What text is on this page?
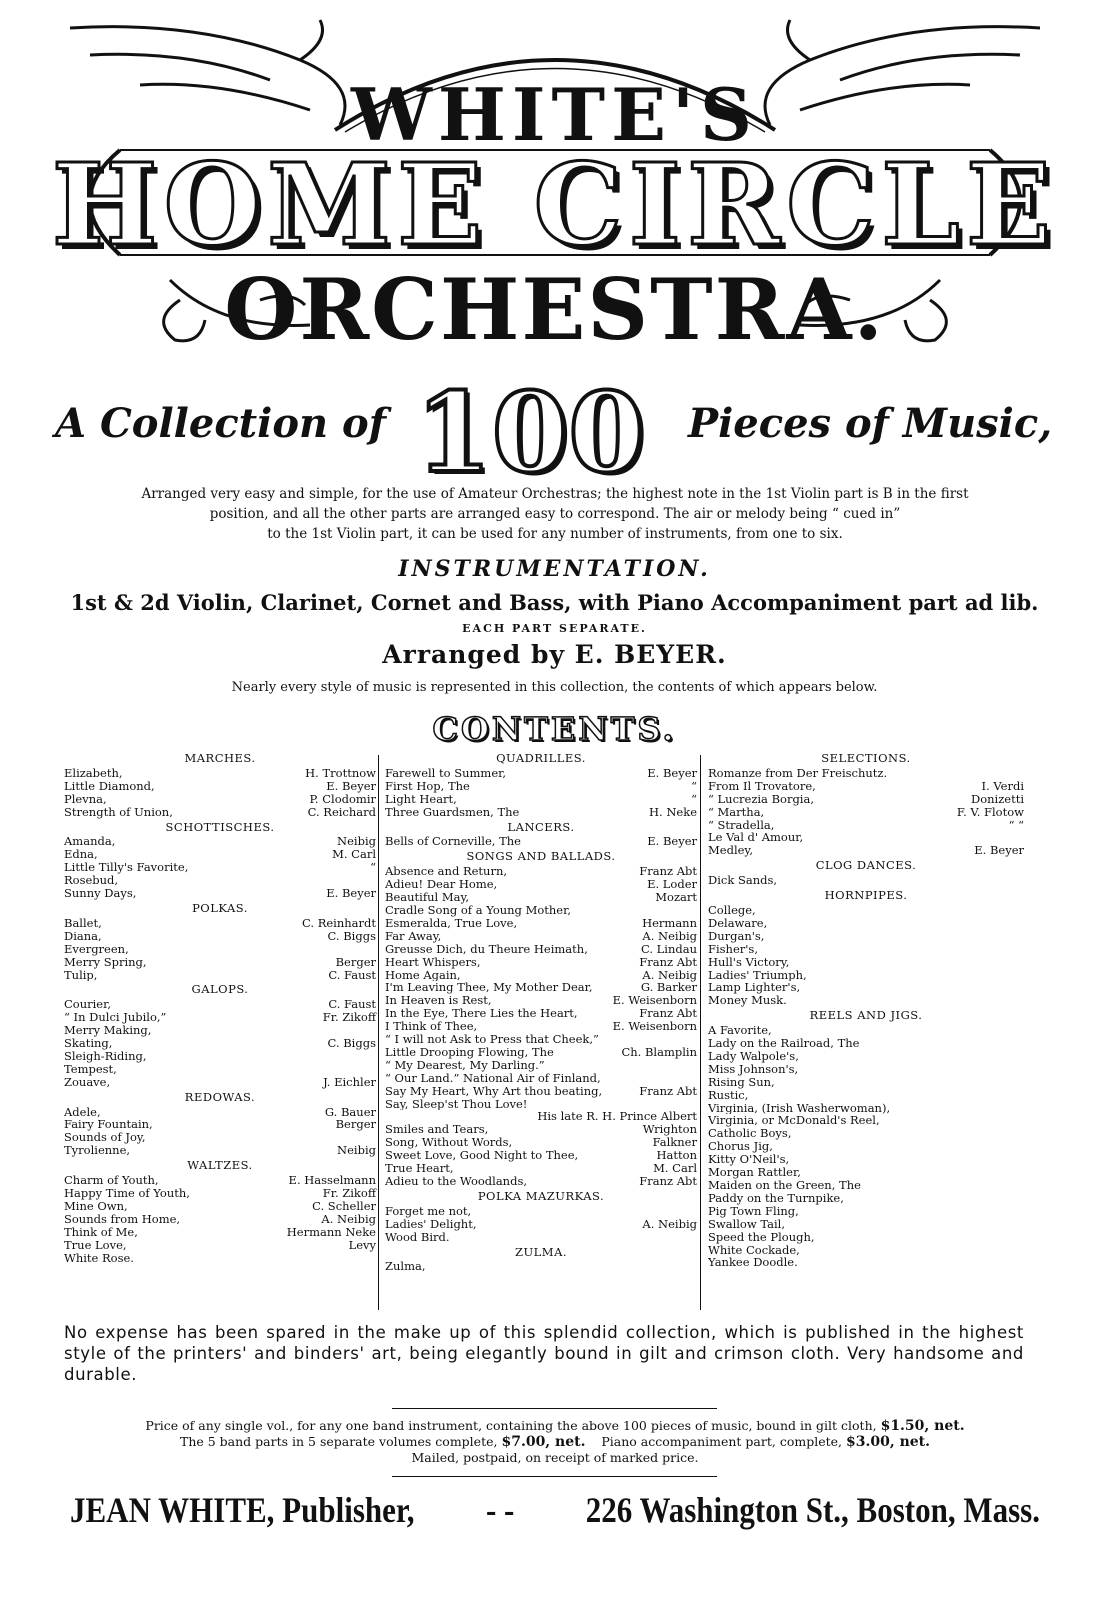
WHITE'S
HOME CIRCLE
ORCHESTRA.
A Collection of 100 Pieces of Music,
Arranged very easy and simple, for the use of Amateur Orchestras; the highest note in the 1st Violin part is B in the first
position, and all the other parts are arranged easy to correspond. The air or melody being “ cued in”
to the 1st Violin part, it can be used for any number of instruments, from one to six.
INSTRUMENTATION.
1st & 2d Violin, Clarinet, Cornet and Bass, with Piano Accompaniment part ad lib.
EACH PART SEPARATE.
Arranged by E. BEYER.
Nearly every style of music is represented in this collection, the contents of which appears below.
CONTENTS.
MARCHES.
Elizabeth,	H. Trottnow
Little Diamond,	E. Beyer
Plevna,	P. Clodomir
Strength of Union,	C. Reichard
SCHOTTISCHES.
Amanda,	Neibig
Edna,	M. Carl
Little Tilly's Favorite,	“
Rosebud,
Sunny Days,	E. Beyer
POLKAS.
Ballet,	C. Reinhardt
Diana,	C. Biggs
Evergreen,
Merry Spring,	Berger
Tulip,	C. Faust
GALOPS.
Courier,	C. Faust
“ In Dulci Jubilo,”	Fr. Zikoff
Merry Making,
Skating,	C. Biggs
Sleigh-Riding,
Tempest,
Zouave,	J. Eichler
REDOWAS.
Adele,	G. Bauer
Fairy Fountain,	Berger
Sounds of Joy,
Tyrolienne,	Neibig
WALTZES.
Charm of Youth,	E. Hasselmann
Happy Time of Youth,	Fr. Zikoff
Mine Own,	C. Scheller
Sounds from Home,	A. Neibig
Think of Me,	Hermann Neke
True Love,	Levy
White Rose.
QUADRILLES.
Farewell to Summer,	E. Beyer
First Hop, The	“
Light Heart,	“
Three Guardsmen, The	H. Neke
LANCERS.
Bells of Corneville, The	E. Beyer
SONGS AND BALLADS.
Absence and Return,	Franz Abt
Adieu! Dear Home,	E. Loder
Beautiful May,	Mozart
Cradle Song of a Young Mother,
Esmeralda, True Love,	Hermann
Far Away,	A. Neibig
Greusse Dich, du Theure Heimath,	C. Lindau
Heart Whispers,	Franz Abt
Home Again,	A. Neibig
I'm Leaving Thee, My Mother Dear,	G. Barker
In Heaven is Rest,	E. Weisenborn
In the Eye, There Lies the Heart,	Franz Abt
I Think of Thee,	E. Weisenborn
“ I will not Ask to Press that Cheek,”
Little Drooping Flowing, The	Ch. Blamplin
“ My Dearest, My Darling.”
“ Our Land.” National Air of Finland,
Say My Heart, Why Art thou beating,	Franz Abt
Say, Sleep'st Thou Love!
His late R. H. Prince Albert
Smiles and Tears,	Wrighton
Song, Without Words,	Falkner
Sweet Love, Good Night to Thee,	Hatton
True Heart,	M. Carl
Adieu to the Woodlands,	Franz Abt
POLKA MAZURKAS.
Forget me not,
Ladies' Delight,	A. Neibig
Wood Bird.
ZULMA.
Zulma,
SELECTIONS.
Romanze from Der Freischutz.
From Il Trovatore,	I. Verdi
“ Lucrezia Borgia,	Donizetti
“ Martha,	F. V. Flotow
“ Stradella,	“ “
Le Val d' Amour,
Medley,	E. Beyer
CLOG DANCES.
Dick Sands,
HORNPIPES.
College,
Delaware,
Durgan's,
Fisher's,
Hull's Victory,
Ladies' Triumph,
Lamp Lighter's,
Money Musk.
REELS AND JIGS.
A Favorite,
Lady on the Railroad, The
Lady Walpole's,
Miss Johnson's,
Rising Sun,
Rustic,
Virginia, (Irish Washerwoman),
Virginia, or McDonald's Reel,
Catholic Boys,
Chorus Jig,
Kitty O'Neil's,
Morgan Rattler,
Maiden on the Green, The
Paddy on the Turnpike,
Pig Town Fling,
Swallow Tail,
Speed the Plough,
White Cockade,
Yankee Doodle.
No expense has been spared in the make up of this splendid collection, which is published in the highest style of the printers' and binders' art, being elegantly bound in gilt and crimson cloth. Very handsome and durable.
Price of any single vol., for any one band instrument, containing the above 100 pieces of music, bound in gilt cloth, $1.50, net.
The 5 band parts in 5 separate volumes complete, $7.00, net. Piano accompaniment part, complete, $3.00, net.
Mailed, postpaid, on receipt of marked price.
JEAN WHITE, Publisher, - - 226 Washington St., Boston, Mass.
